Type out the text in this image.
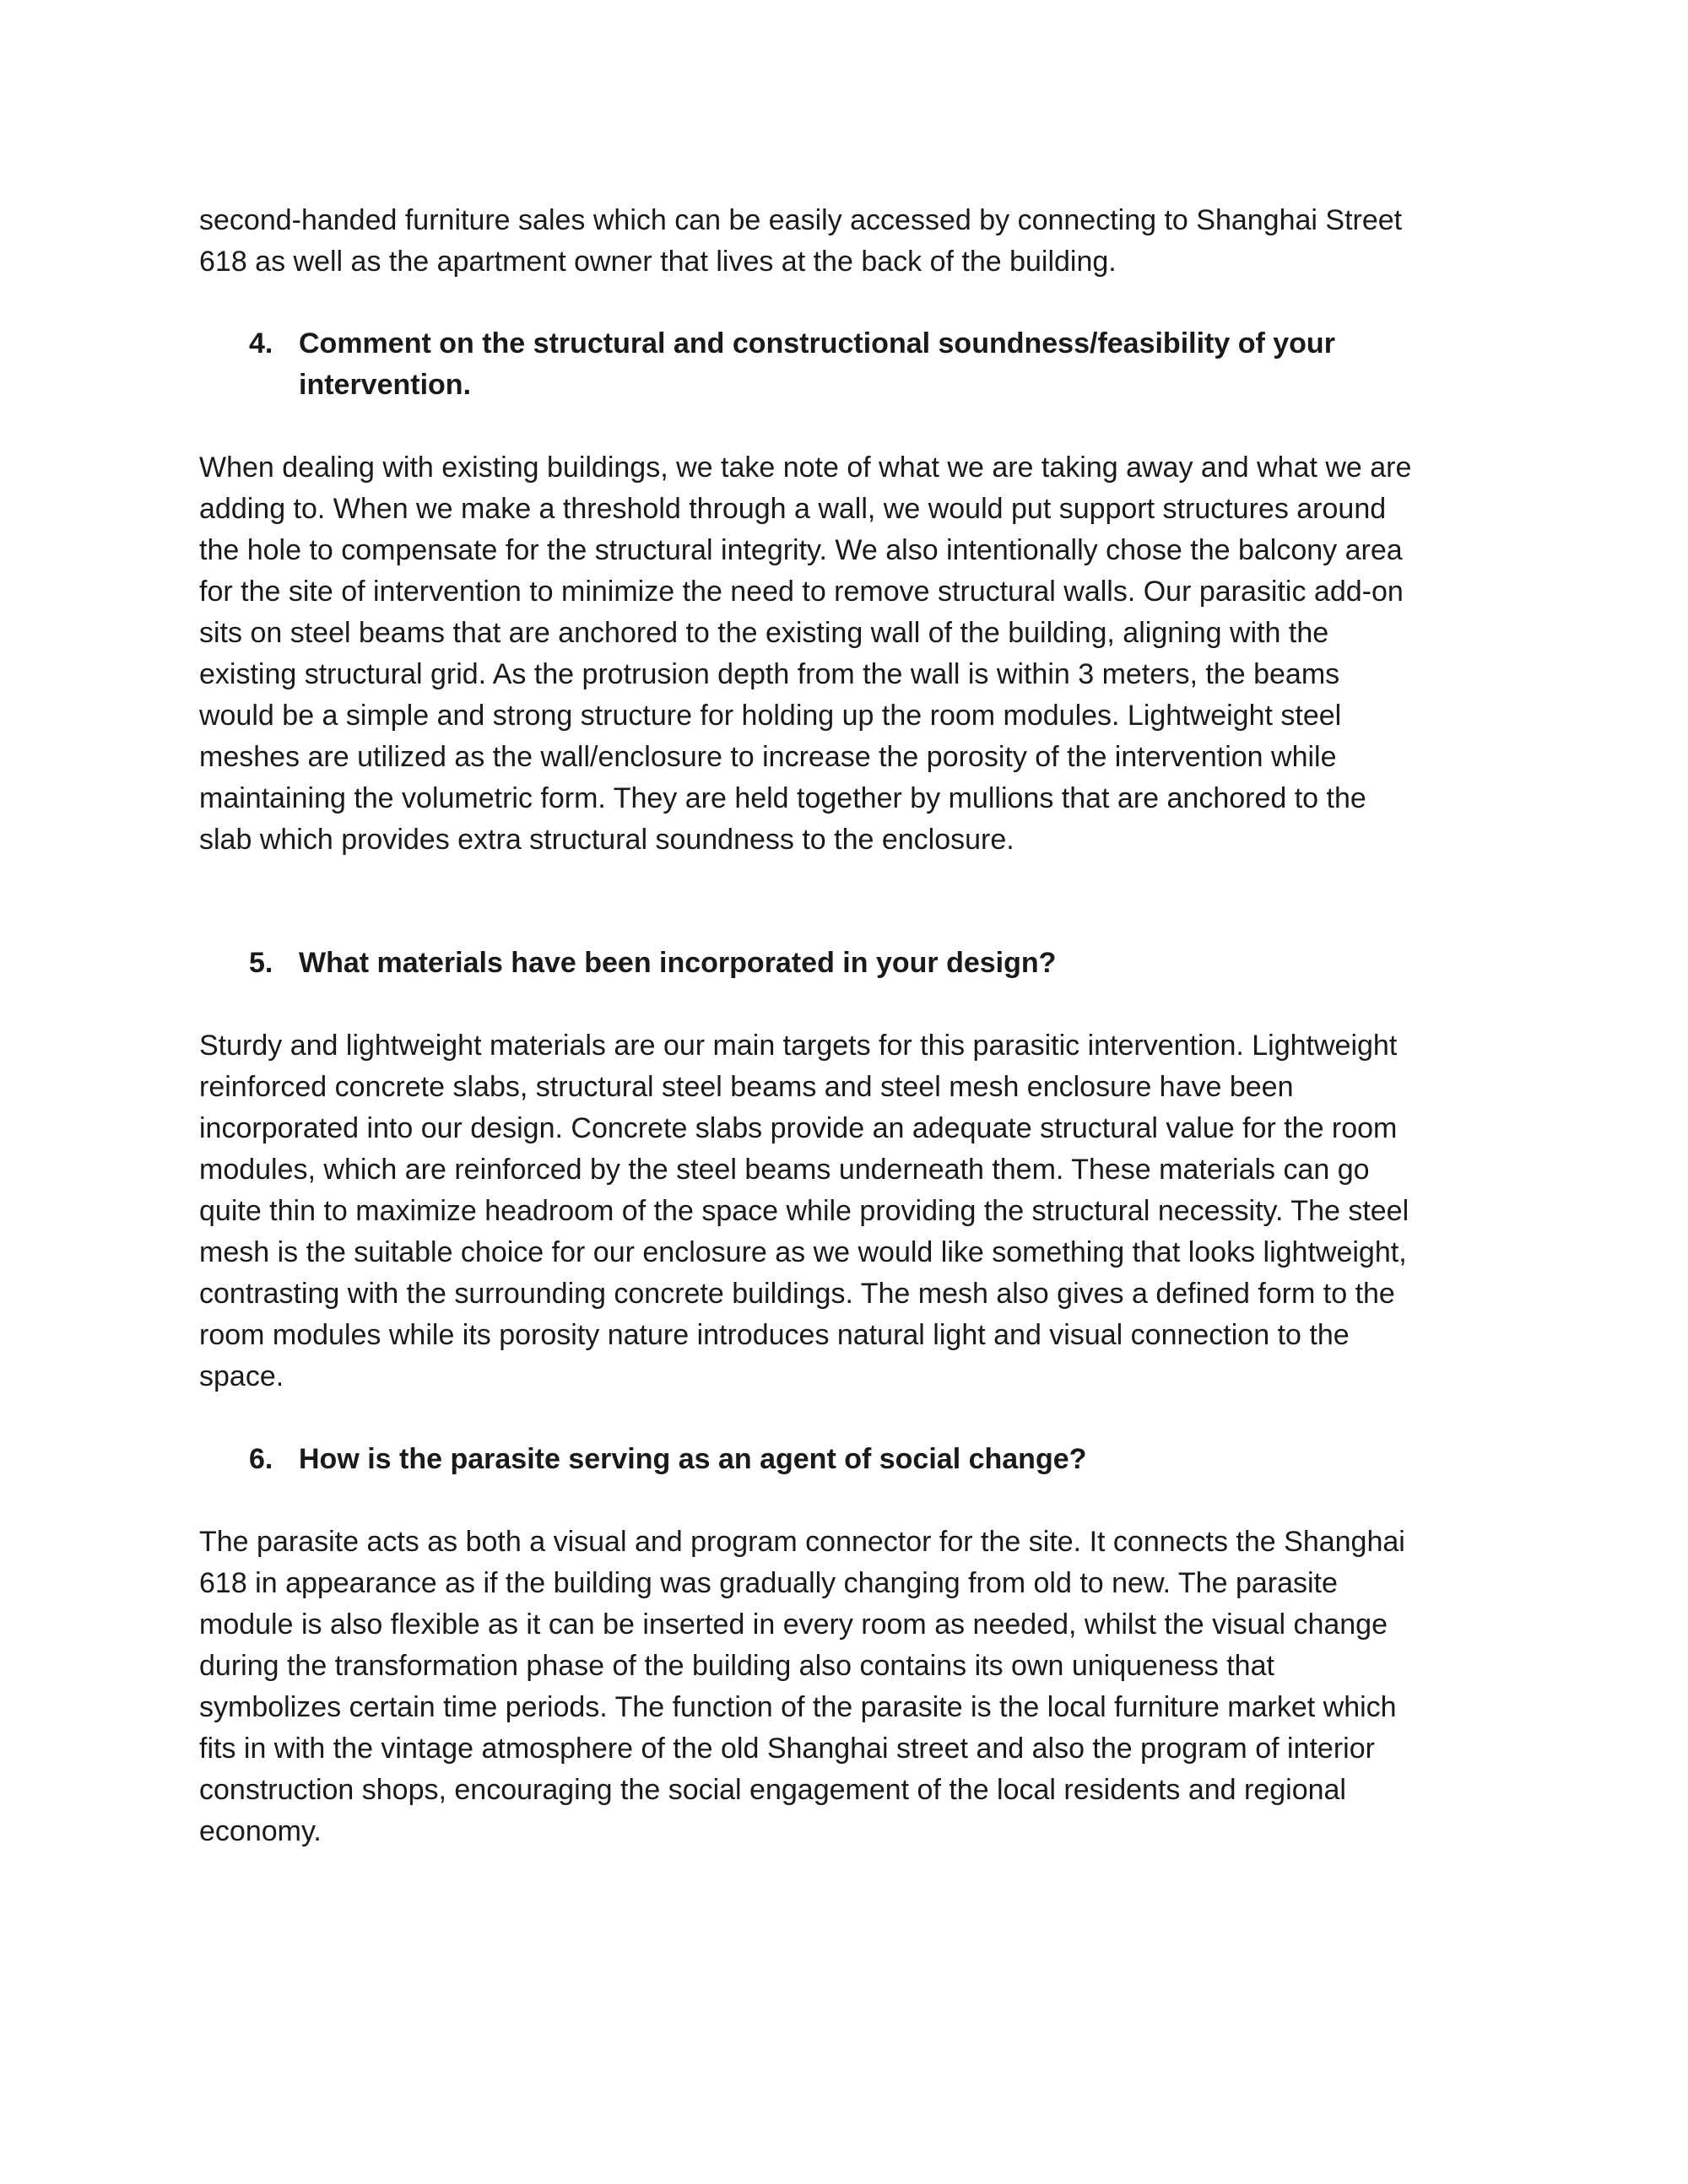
second-handed furniture sales which can be easily accessed by connecting to Shanghai Street
618 as well as the apartment owner that lives at the back of the building.

4. Comment on the structural and constructional soundness/feasibility of your
intervention.

When dealing with existing buildings, we take note of what we are taking away and what we are
adding to. When we make a threshold through a wall, we would put support structures around
the hole to compensate for the structural integrity. We also intentionally chose the balcony area
for the site of intervention to minimize the need to remove structural walls. Our parasitic add-on
sits on steel beams that are anchored to the existing wall of the building, aligning with the
existing structural grid. As the protrusion depth from the wall is within 3 meters, the beams
would be a simple and strong structure for holding up the room modules. Lightweight steel
meshes are utilized as the wall/enclosure to increase the porosity of the intervention while
maintaining the volumetric form. They are held together by mullions that are anchored to the
slab which provides extra structural soundness to the enclosure.

5. What materials have been incorporated in your design?

Sturdy and lightweight materials are our main targets for this parasitic intervention. Lightweight
reinforced concrete slabs, structural steel beams and steel mesh enclosure have been
incorporated into our design. Concrete slabs provide an adequate structural value for the room
modules, which are reinforced by the steel beams underneath them. These materials can go
quite thin to maximize headroom of the space while providing the structural necessity. The steel
mesh is the suitable choice for our enclosure as we would like something that looks lightweight,
contrasting with the surrounding concrete buildings. The mesh also gives a defined form to the
room modules while its porosity nature introduces natural light and visual connection to the
space.

6. How is the parasite serving as an agent of social change?

The parasite acts as both a visual and program connector for the site. It connects the Shanghai
618 in appearance as if the building was gradually changing from old to new. The parasite
module is also flexible as it can be inserted in every room as needed, whilst the visual change
during the transformation phase of the building also contains its own uniqueness that
symbolizes certain time periods. The function of the parasite is the local furniture market which
fits in with the vintage atmosphere of the old Shanghai street and also the program of interior
construction shops, encouraging the social engagement of the local residents and regional
economy.
